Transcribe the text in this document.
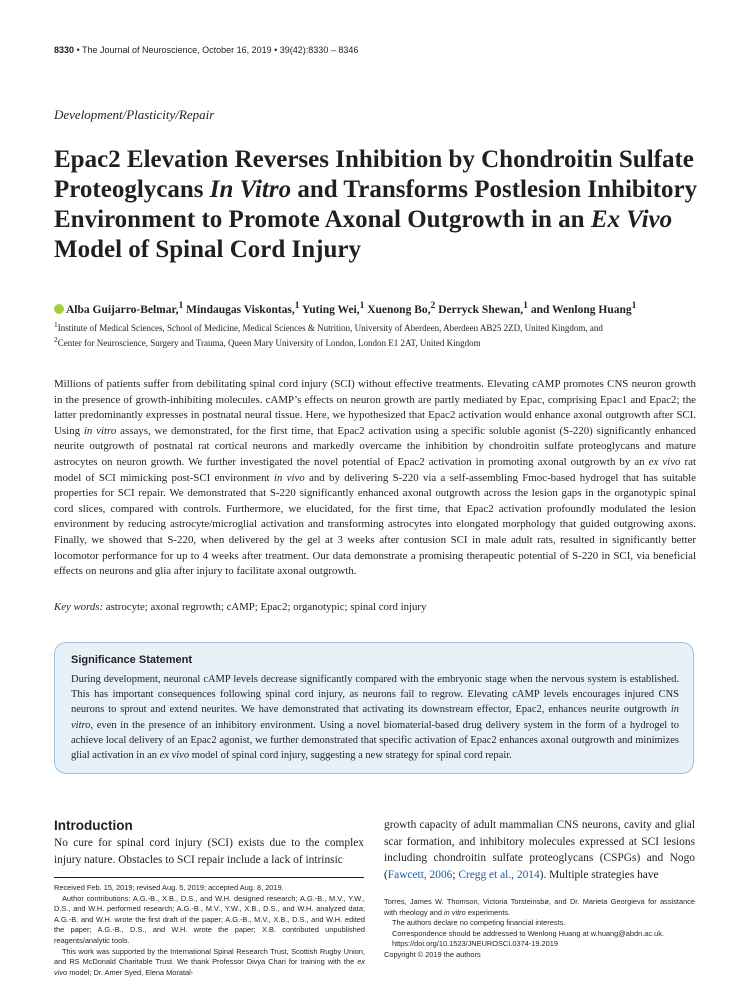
8330 • The Journal of Neuroscience, October 16, 2019 • 39(42):8330 – 8346
Development/Plasticity/Repair
Epac2 Elevation Reverses Inhibition by Chondroitin Sulfate Proteoglycans In Vitro and Transforms Postlesion Inhibitory Environment to Promote Axonal Outgrowth in an Ex Vivo Model of Spinal Cord Injury
Alba Guijarro-Belmar,$^1$ Mindaugas Viskontas,$^1$ Yuting Wei,$^1$ Xuenong Bo,$^2$ Derryck Shewan,$^1$ and Wenlong Huang$^1$
$^1$Institute of Medical Sciences, School of Medicine, Medical Sciences & Nutrition, University of Aberdeen, Aberdeen AB25 2ZD, United Kingdom, and
$^2$Center for Neuroscience, Surgery and Trauma, Queen Mary University of London, London E1 2AT, United Kingdom

Millions of patients suffer from debilitating spinal cord injury (SCI) without effective treatments. Elevating cAMP promotes CNS neuron growth in the presence of growth-inhibiting molecules. cAMP’s effects on neuron growth are partly mediated by Epac, comprising Epac1 and Epac2; the latter predominantly expresses in postnatal neural tissue. Here, we hypothesized that Epac2 activation would enhance axonal outgrowth after SCI. Using in vitro assays, we demonstrated, for the first time, that Epac2 activation using a specific soluble agonist (S-220) significantly enhanced neurite outgrowth of postnatal rat cortical neurons and markedly overcame the inhibition by chondroitin sulfate proteoglycans and mature astrocytes on neuron growth. We further investigated the novel potential of Epac2 activation in promoting axonal outgrowth by an ex vivo rat model of SCI mimicking post-SCI environment in vivo and by delivering S-220 via a self-assembling Fmoc-based hydrogel that has suitable properties for SCI repair. We demonstrated that S-220 significantly enhanced axonal outgrowth across the lesion gaps in the organotypic spinal cord slices, compared with controls. Furthermore, we elucidated, for the first time, that Epac2 activation profoundly modulated the lesion environment by reducing astrocyte/microglial activation and transforming astrocytes into elongated morphology that guided outgrowing axons. Finally, we showed that S-220, when delivered by the gel at 3 weeks after contusion SCI in male adult rats, resulted in significantly better locomotor performance for up to 4 weeks after treatment. Our data demonstrate a promising therapeutic potential of S-220 in SCI, via beneficial effects on neurons and glia after injury to facilitate axonal outgrowth.

Key words: astrocyte; axonal regrowth; cAMP; Epac2; organotypic; spinal cord injury
Significance Statement

During development, neuronal cAMP levels decrease significantly compared with the embryonic stage when the nervous system is established. This has important consequences following spinal cord injury, as neurons fail to regrow. Elevating cAMP levels encourages injured CNS neurons to sprout and extend neurites. We have demonstrated that activating its downstream effector, Epac2, enhances neurite outgrowth in vitro, even in the presence of an inhibitory environment. Using a novel biomaterial-based drug delivery system in the form of a hydrogel to achieve local delivery of an Epac2 agonist, we further demonstrated that specific activation of Epac2 enhances axonal outgrowth and minimizes glial activation in an ex vivo model of spinal cord injury, suggesting a new strategy for spinal cord repair.

Introduction

No cure for spinal cord injury (SCI) exists due to the complex injury nature. Obstacles to SCI repair include a lack of intrinsic

growth capacity of adult mammalian CNS neurons, cavity and glial scar formation, and inhibitory molecules expressed at SCI lesions including chondroitin sulfate proteoglycans (CSPGs) and Nogo (Fawcett, 2006; Cregg et al., 2014). Multiple strategies have

Received Feb. 15, 2019; revised Aug. 5, 2019; accepted Aug. 8, 2019.

Author contributions: A.G.-B., X.B., D.S., and W.H. designed research; A.G.-B., M.V., Y.W., D.S., and W.H. performed research; A.G.-B., M.V., Y.W., X.B., D.S., and W.H. analyzed data; A.G.-B. and W.H. wrote the first draft of the paper; A.G.-B., M.V., X.B., D.S., and W.H. edited the paper; A.G.-B., D.S., and W.H. wrote the paper; X.B. contributed unpublished reagents/analytic tools.

This work was supported by the International Spinal Research Trust, Scottish Rugby Union, and RS McDonald Charitable Trust. We thank Professor Divya Chari for training with the ex vivo model; Dr. Amer Syed, Elena Moratal-

Torres, James W. Thomson, Victoria Torsteinsbø, and Dr. Marieta Georgieva for assistance with rheology and in vitro experiments.

The authors declare no competing financial interests.

Correspondence should be addressed to Wenlong Huang at w.huang@abdn.ac.uk.

https://doi.org/10.1523/JNEUROSCI.0374-19.2019

Copyright © 2019 the authors
